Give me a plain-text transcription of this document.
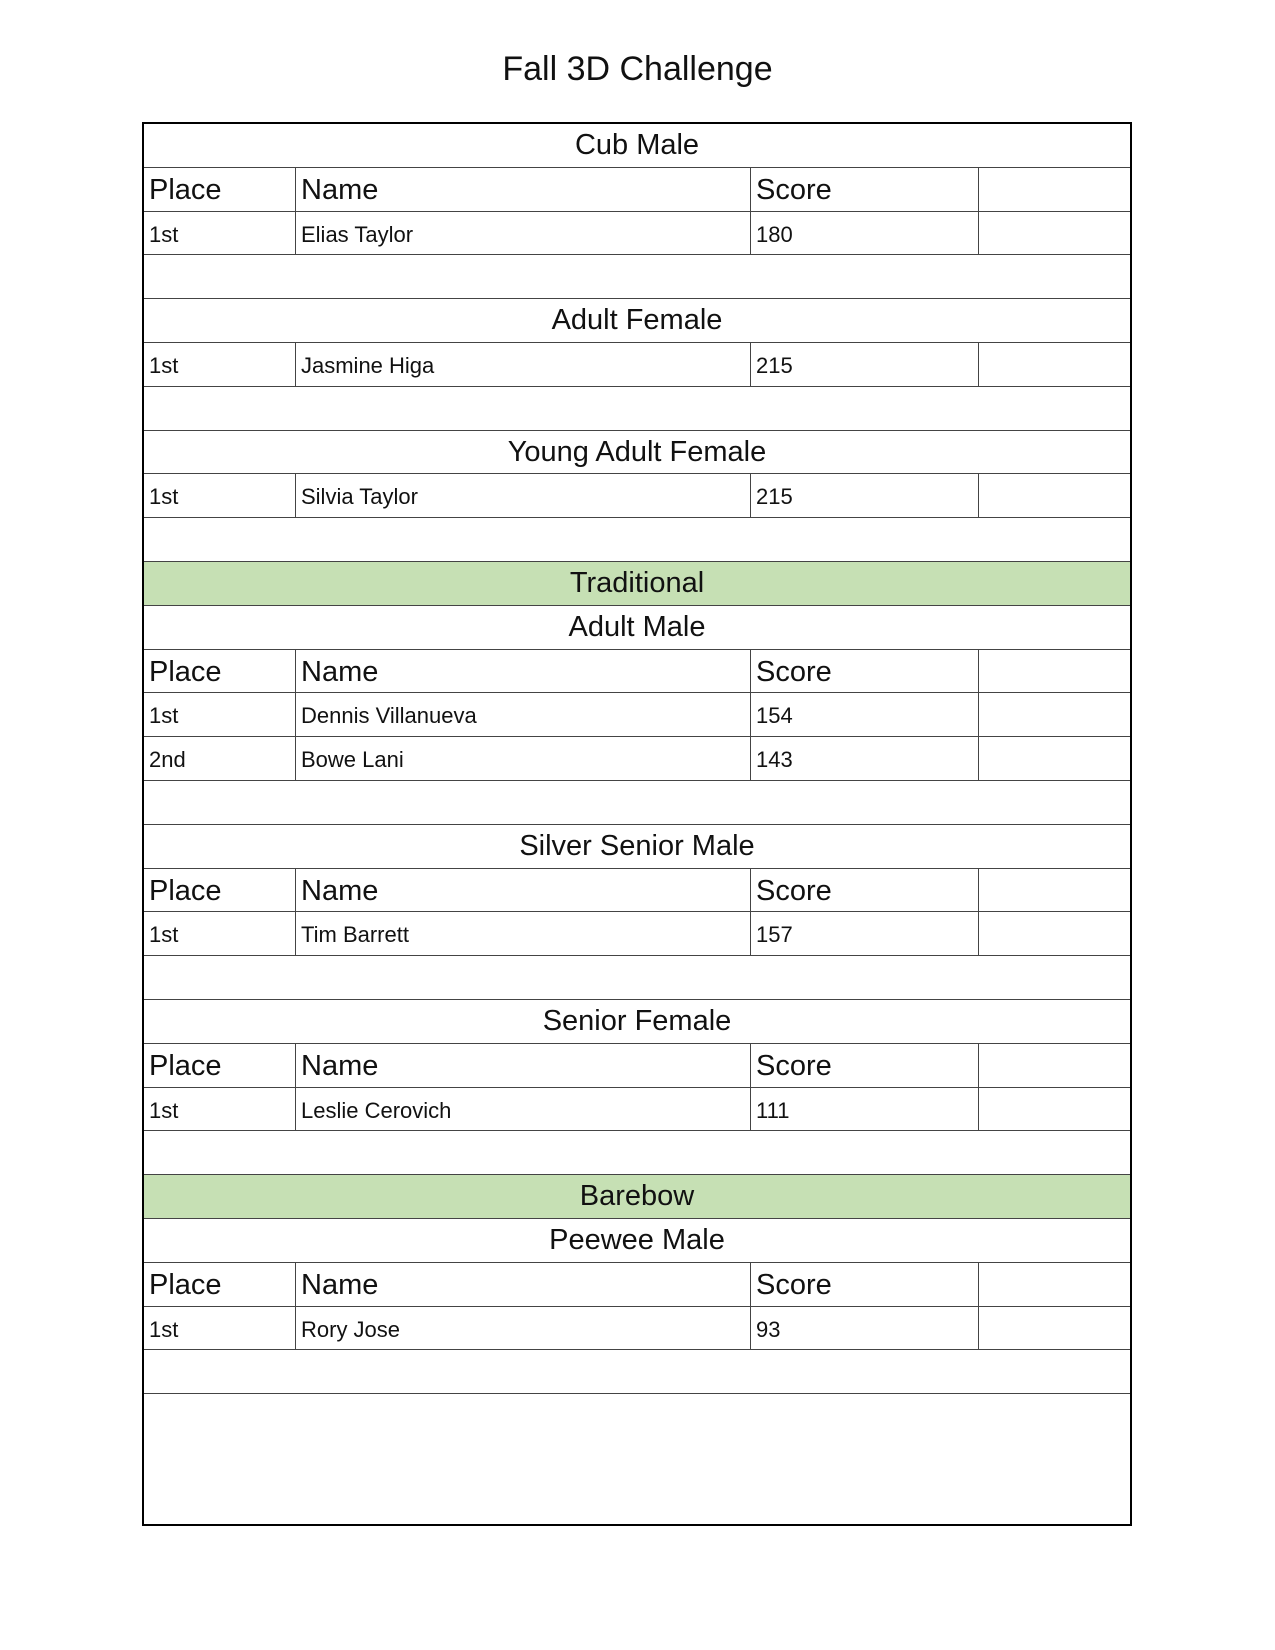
Fall 3D Challenge
Cub Male
Place	Name	Score
1st	Elias Taylor	180
Adult Female
1st	Jasmine Higa	215
Young Adult Female
1st	Silvia Taylor	215
Traditional
Adult Male
Place	Name	Score
1st	Dennis Villanueva	154
2nd	Bowe Lani	143
Silver Senior Male
Place	Name	Score
1st	Tim Barrett	157
Senior Female
Place	Name	Score
1st	Leslie Cerovich	111
Barebow
Peewee Male
Place	Name	Score
1st	Rory Jose	93
